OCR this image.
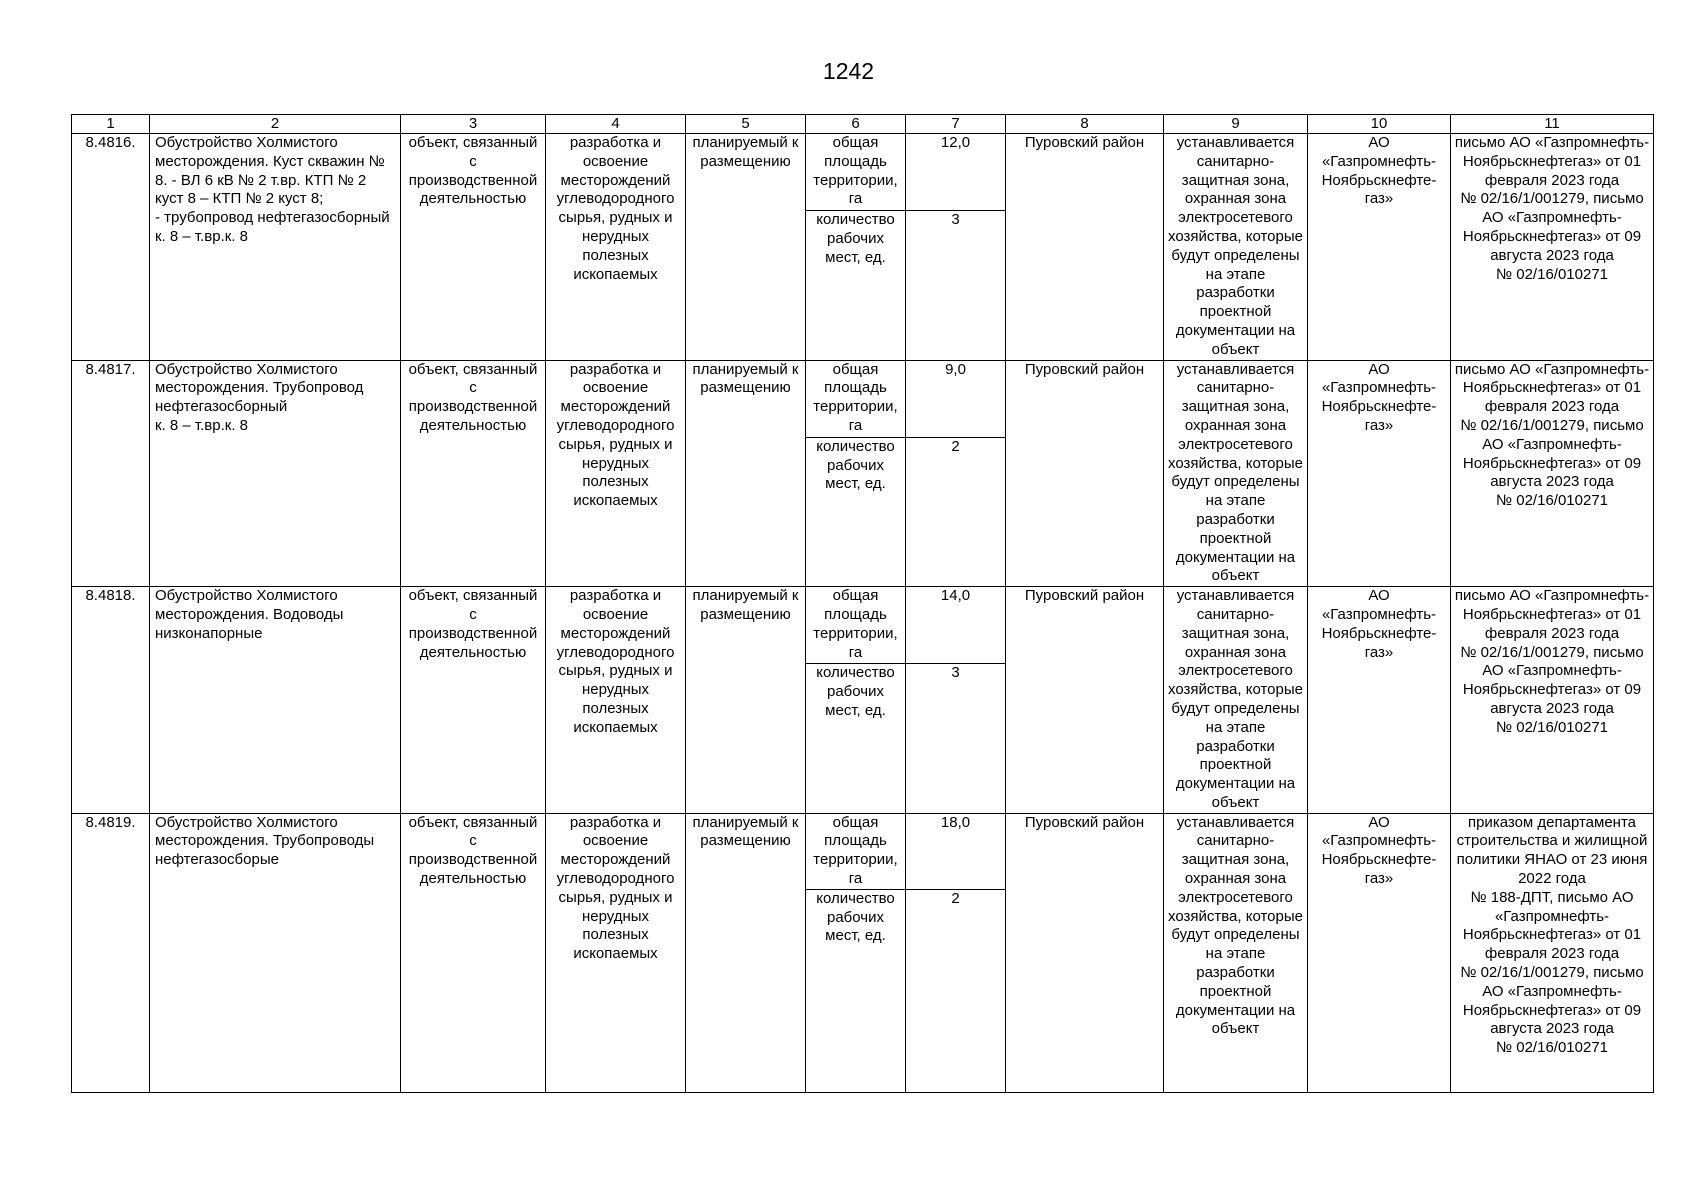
1242
1	2	3	4	5	6	7	8	9	10	11
8.4816.	Обустройство Холмистого месторождения. Куст скважин № 8. - ВЛ 6 кВ № 2 т.вр. КТП № 2 куст 8 – КТП № 2 куст 8;
- трубопровод нефтегазосборный
к. 8 – т.вр.к. 8	объект, связанный с производственной деятельностью	разработка и освоение месторождений углеводородного сырья, рудных и нерудных полезных ископаемых	планируемый к размещению	общая площадь территории, га	12,0	Пуровский район	устанавливается санитарно-защитная зона, охранная зона электросетевого хозяйства, которые будут определены на этапе разработки проектной документации на объект	АО «Газпромнефть-Ноябрьскнефте-газ»	письмо АО «Газпромнефть-Ноябрьскнефтегаз» от 01 февраля 2023 года
№ 02/16/1/001279, письмо АО «Газпромнефть-Ноябрьскнефтегаз» от 09 августа 2023 года
№ 02/16/010271
					количество рабочих мест, ед.	3				
8.4817.	Обустройство Холмистого месторождения. Трубопровод нефтегазосборный
к. 8 – т.вр.к. 8	объект, связанный с производственной деятельностью	разработка и освоение месторождений углеводородного сырья, рудных и нерудных полезных ископаемых	планируемый к размещению	общая площадь территории, га	9,0	Пуровский район	устанавливается санитарно-защитная зона, охранная зона электросетевого хозяйства, которые будут определены на этапе разработки проектной документации на объект	АО «Газпромнефть-Ноябрьскнефте-газ»	письмо АО «Газпромнефть-Ноябрьскнефтегаз» от 01 февраля 2023 года
№ 02/16/1/001279, письмо АО «Газпромнефть-Ноябрьскнефтегаз» от 09 августа 2023 года
№ 02/16/010271
					количество рабочих мест, ед.	2				
8.4818.	Обустройство Холмистого месторождения. Водоводы низконапорные	объект, связанный с производственной деятельностью	разработка и освоение месторождений углеводородного сырья, рудных и нерудных полезных ископаемых	планируемый к размещению	общая площадь территории, га	14,0	Пуровский район	устанавливается санитарно-защитная зона, охранная зона электросетевого хозяйства, которые будут определены на этапе разработки проектной документации на объект	АО «Газпромнефть-Ноябрьскнефте-газ»	письмо АО «Газпромнефть-Ноябрьскнефтегаз» от 01 февраля 2023 года
№ 02/16/1/001279, письмо АО «Газпромнефть-Ноябрьскнефтегаз» от 09 августа 2023 года
№ 02/16/010271
					количество рабочих мест, ед.	3				
8.4819.	Обустройство Холмистого месторождения. Трубопроводы нефтегазосборые	объект, связанный с производственной деятельностью	разработка и освоение месторождений углеводородного сырья, рудных и нерудных полезных ископаемых	планируемый к размещению	общая площадь территории, га	18,0	Пуровский район	устанавливается санитарно-защитная зона, охранная зона электросетевого хозяйства, которые будут определены на этапе разработки проектной документации на объект	АО «Газпромнефть-Ноябрьскнефте-газ»	приказом департамента строительства и жилищной политики ЯНАО от 23 июня 2022 года
№ 188-ДПТ, письмо АО «Газпромнефть-Ноябрьскнефтегаз» от 01 февраля 2023 года
№ 02/16/1/001279, письмо АО «Газпромнефть-Ноябрьскнефтегаз» от 09 августа 2023 года
№ 02/16/010271
					количество рабочих мест, ед.	2				
